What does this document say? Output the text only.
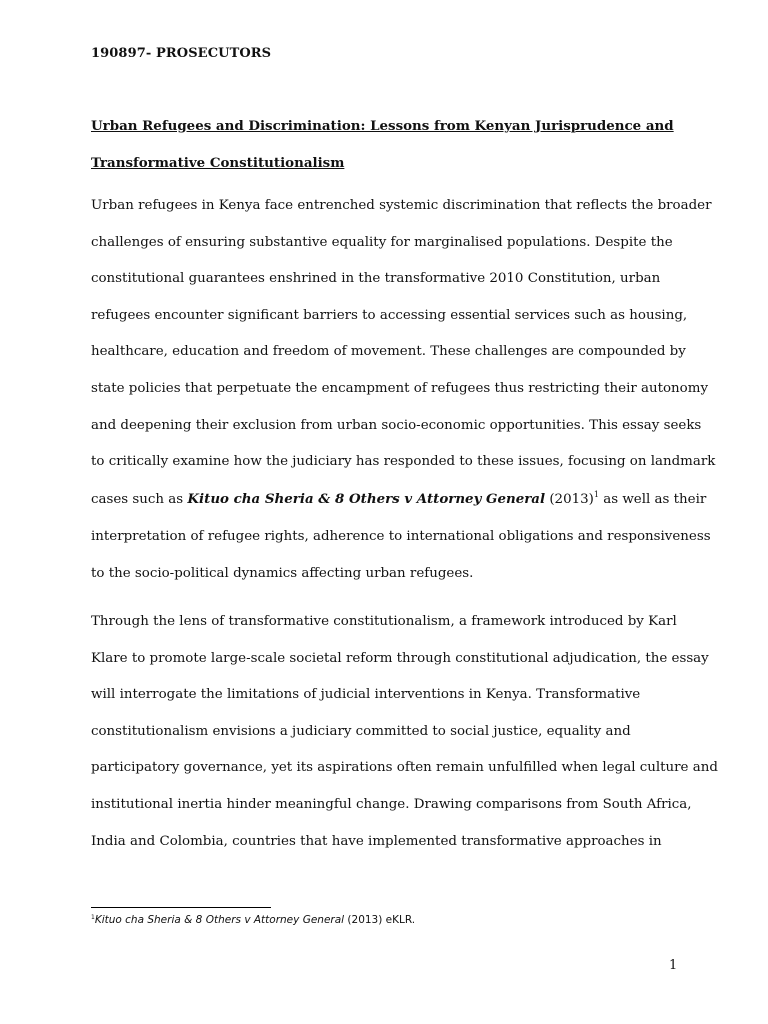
190897- PROSECUTORS
Urban Refugees and Discrimination: Lessons from Kenyan Jurisprudence and
Transformative Constitutionalism

Urban refugees in Kenya face entrenched systemic discrimination that reflects the broader
challenges of ensuring substantive equality for marginalised populations. Despite the
constitutional guarantees enshrined in the transformative 2010 Constitution, urban
refugees encounter significant barriers to accessing essential services such as housing,
healthcare, education and freedom of movement. These challenges are compounded by
state policies that perpetuate the encampment of refugees thus restricting their autonomy
and deepening their exclusion from urban socio-economic opportunities. This essay seeks
to critically examine how the judiciary has responded to these issues, focusing on landmark
cases such as Kituo cha Sheria & 8 Others v Attorney General $(2013)^1$ as well as their
interpretation of refugee rights, adherence to international obligations and responsiveness
to the socio-political dynamics affecting urban refugees.

Through the lens of transformative constitutionalism, a framework introduced by Karl
Klare to promote large-scale societal reform through constitutional adjudication, the essay
will interrogate the limitations of judicial interventions in Kenya. Transformative
constitutionalism envisions a judiciary committed to social justice, equality and
participatory governance, yet its aspirations often remain unfulfilled when legal culture and
institutional inertia hinder meaningful change. Drawing comparisons from South Africa,
India and Colombia, countries that have implemented transformative approaches in

$^1$Kituo cha Sheria & 8 Others v Attorney General (2013) eKLR.
1
